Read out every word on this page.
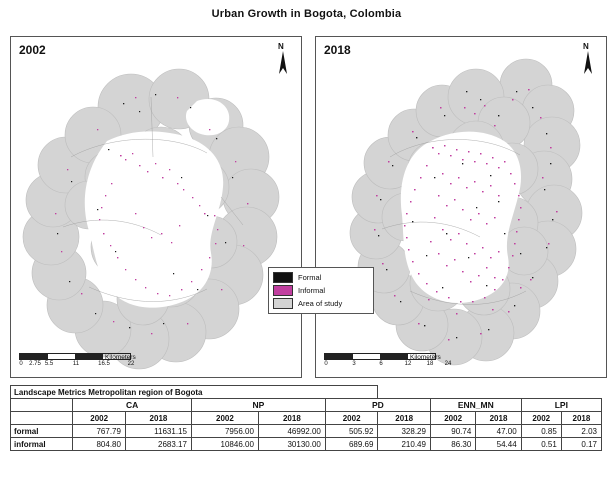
Urban Growth in Bogota, Colombia
2002	N
Kilometers
0 2.75 5.5	11	16.5	22
2018	N
Kilometers
0	3	6	12	18 24
Formal
Informal
Area of study
Landscape Metrics Metropolitan region of Bogota										
	CA		NP		PD		ENN_MN		LPI	
	2002	2018	2002	2018	2002	2018	2002	2018	2002	2018
formal	767.79	11631.15	7956.00	46992.00	505.92	328.29	90.74	47.00	0.85	2.03
informal	804.80	2683.17	10846.00	30130.00	689.69	210.49	86.30	54.44	0.51	0.17
